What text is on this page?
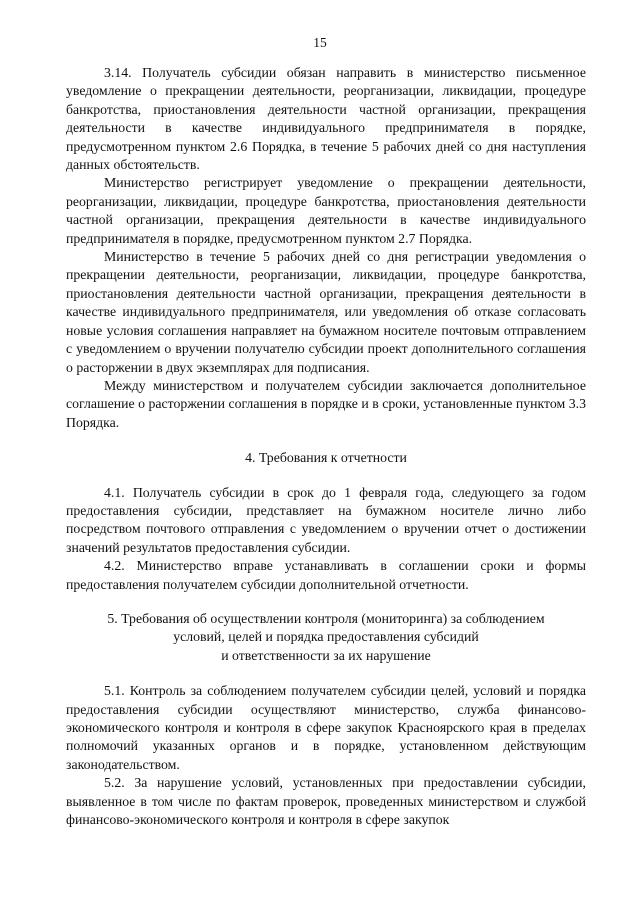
15

3.14. Получатель субсидии обязан направить в министерство письменное уведомление о прекращении деятельности, реорганизации, ликвидации, процедуре банкротства, приостановления деятельности частной организации, прекращения деятельности в качестве индивидуального предпринимателя в порядке, предусмотренном пунктом 2.6 Порядка, в течение 5 рабочих дней со дня наступления данных обстоятельств.

Министерство регистрирует уведомление о прекращении деятельности, реорганизации, ликвидации, процедуре банкротства, приостановления деятельности частной организации, прекращения деятельности в качестве индивидуального предпринимателя в порядке, предусмотренном пунктом 2.7 Порядка.

Министерство в течение 5 рабочих дней со дня регистрации уведомления о прекращении деятельности, реорганизации, ликвидации, процедуре банкротства, приостановления деятельности частной организации, прекращения деятельности в качестве индивидуального предпринимателя, или уведомления об отказе согласовать новые условия соглашения направляет на бумажном носителе почтовым отправлением с уведомлением о вручении получателю субсидии проект дополнительного соглашения о расторжении в двух экземплярах для подписания.

Между министерством и получателем субсидии заключается дополнительное соглашение о расторжении соглашения в порядке и в сроки, установленные пунктом 3.3 Порядка.

4. Требования к отчетности

4.1. Получатель субсидии в срок до 1 февраля года, следующего за годом предоставления субсидии, представляет на бумажном носителе лично либо посредством почтового отправления с уведомлением о вручении отчет о достижении значений результатов предоставления субсидии.

4.2. Министерство вправе устанавливать в соглашении сроки и формы предоставления получателем субсидии дополнительной отчетности.

5. Требования об осуществлении контроля (мониторинга) за соблюдением
условий, целей и порядка предоставления субсидий
и ответственности за их нарушение

5.1. Контроль за соблюдением получателем субсидии целей, условий и порядка предоставления субсидии осуществляют министерство, служба финансово-экономического контроля и контроля в сфере закупок Красноярского края в пределах полномочий указанных органов и в порядке, установленном действующим законодательством.

5.2. За нарушение условий, установленных при предоставлении субсидии, выявленное в том числе по фактам проверок, проведенных министерством и службой финансово-экономического контроля и контроля в сфере закупок
